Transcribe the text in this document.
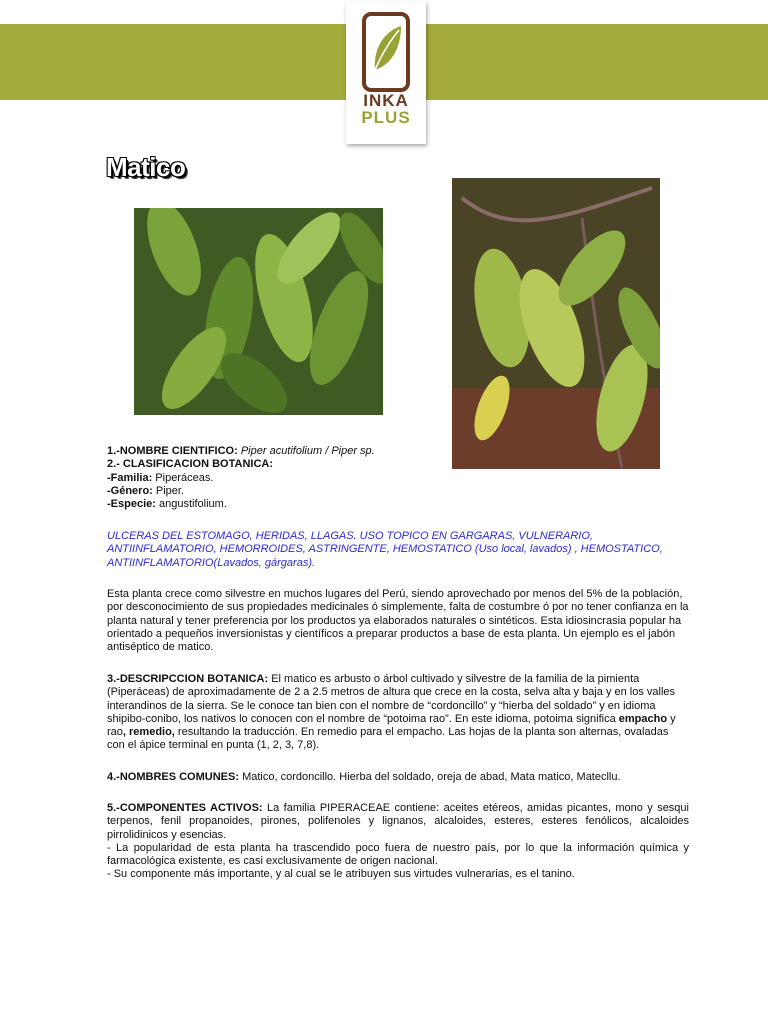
INKA
PLUS
Matico

1.-NOMBRE CIENTIFICO: Piper acutifolium / Piper sp.

2.- CLASIFICACION BOTANICA:

-Familia: Piperáceas.

-Género: Piper.

-Especie: angustifolium.

ULCERAS DEL ESTOMAGO, HERIDAS, LLAGAS. USO TOPICO EN GARGARAS, VULNERARIO, ANTIINFLAMATORIO, HEMORROIDES, ASTRINGENTE, HEMOSTATICO (Uso local, lavados) , HEMOSTATICO, ANTIINFLAMATORIO(Lavados, gárgaras).
Esta planta crece como silvestre en muchos lugares del Perú, siendo aprovechado por menos del 5% de la población, por desconocimiento de sus propiedades medicinales ó simplemente, falta de costumbre ó por no tener confianza en la planta natural y tener preferencia por los productos ya elaborados naturales o sintéticos. Esta idiosincrasia popular ha orientado a pequeños inversionistas y científicos a preparar productos a base de esta planta. Un ejemplo es el jabón antiséptico de matico.
3.-DESCRIPCCION BOTANICA: El matico es arbusto o árbol cultivado y silvestre de la familia de la pimienta (Piperáceas) de aproximadamente de 2 a 2.5 metros de altura que crece en la costa, selva alta y baja y en los valles interandinos de la sierra. Se le conoce tan bien con el nombre de “cordoncillo” y “hierba del soldado” y en idioma shipibo-conibo, los nativos lo conocen con el nombre de “potoima rao”. En este idioma, potoima significa empacho y rao, remedio, resultando la traducción. En remedio para el empacho. Las hojas de la planta son alternas, ovaladas con el ápice terminal en punta (1, 2, 3, 7,8).
4.-NOMBRES COMUNES: Matico, cordoncillo. Hierba del soldado, oreja de abad, Mata matico, Mateсllu.

5.-COMPONENTES ACTIVOS: La familia PIPERACEAE contiene: aceites etéreos, amidas picantes, mono y sesqui terpenos, fenil propanoides, pirones, polifenoles y lignanos, alcaloides, esteres, esteres fenólicos, alcaloides pirrolidinicos y esencias.

- La popularidad de esta planta ha trascendido poco fuera de nuestro país, por lo que la información química y farmacológica existente, es casi exclusivamente de origen nacional.

- Su componente más importante, y al cual se le atribuyen sus virtudes vulnerarias, es el tanino.
